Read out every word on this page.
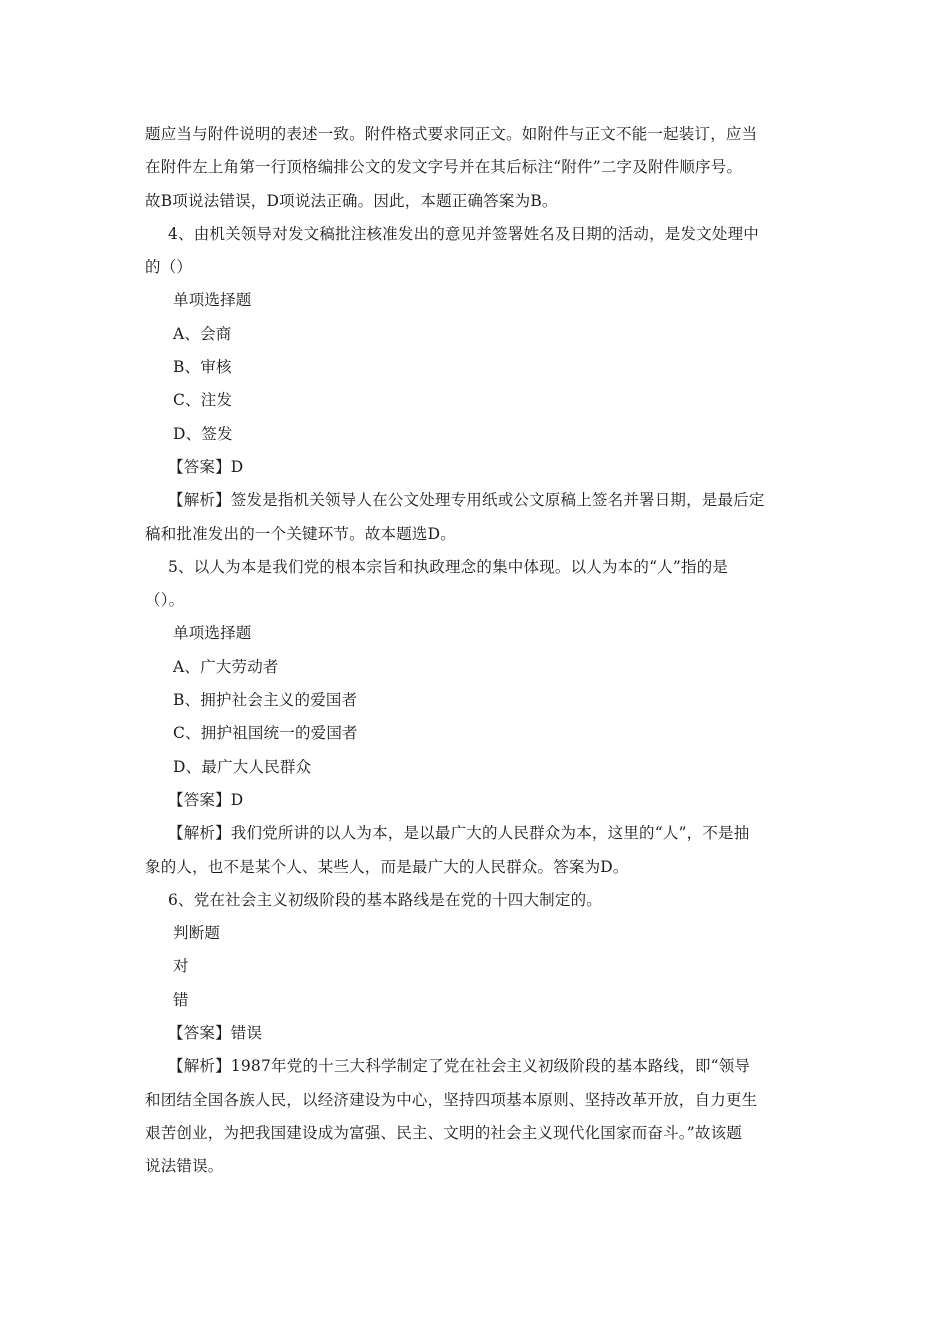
题应当与附件说明的表述一致。附件格式要求同正文。如附件与正文不能一起装订，应当
在附件左上角第一行顶格编排公文的发文字号并在其后标注“附件”二字及附件顺序号。
故B项说法错误，D项说法正确。因此，本题正确答案为B。
4、由机关领导对发文稿批注核准发出的意见并签署姓名及日期的活动，是发文处理中
的（）
单项选择题
A、会商
B、审核
C、注发
D、签发
【答案】D
【解析】签发是指机关领导人在公文处理专用纸或公文原稿上签名并署日期，是最后定
稿和批准发出的一个关键环节。故本题选D。
5、以人为本是我们党的根本宗旨和执政理念的集中体现。以人为本的“人”指的是
（）。
单项选择题
A、广大劳动者
B、拥护社会主义的爱国者
C、拥护祖国统一的爱国者
D、最广大人民群众
【答案】D
【解析】我们党所讲的以人为本，是以最广大的人民群众为本，这里的“人”，不是抽
象的人，也不是某个人、某些人，而是最广大的人民群众。答案为D。
6、党在社会主义初级阶段的基本路线是在党的十四大制定的。
判断题
对
错
【答案】错误
【解析】1987年党的十三大科学制定了党在社会主义初级阶段的基本路线，即“领导
和团结全国各族人民，以经济建设为中心，坚持四项基本原则、坚持改革开放，自力更生
艰苦创业，为把我国建设成为富强、民主、文明的社会主义现代化国家而奋斗。”故该题
说法错误。
